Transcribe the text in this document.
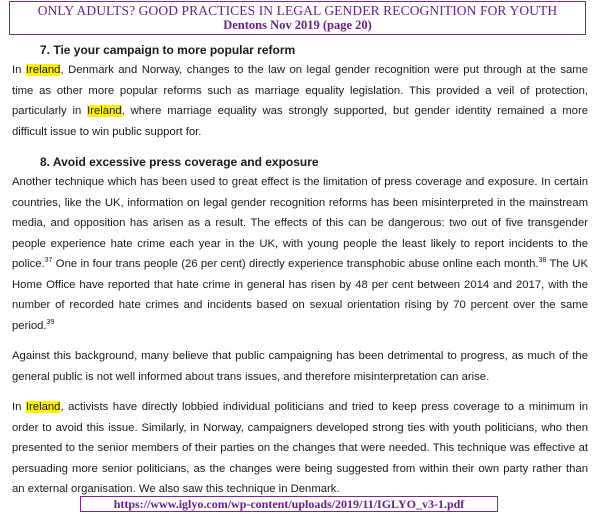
ONLY ADULTS? GOOD PRACTICES IN LEGAL GENDER RECOGNITION FOR YOUTH
Dentons Nov 2019 (page 20)

7. Tie your campaign to more popular reform

In Ireland, Denmark and Norway, changes to the law on legal gender recognition were put through at the same time as other more popular reforms such as marriage equality legislation. This provided a veil of protection, particularly in Ireland, where marriage equality was strongly supported, but gender identity remained a more difficult issue to win public support for.

8. Avoid excessive press coverage and exposure

Another technique which has been used to great effect is the limitation of press coverage and exposure. In certain countries, like the UK, information on legal gender recognition reforms has been misinterpreted in the mainstream media, and opposition has arisen as a result. The effects of this can be dangerous: two out of five transgender people experience hate crime each year in the UK, with young people the least likely to report incidents to the police.$^{37}$ One in four trans people (26 per cent) directly experience transphobic abuse online each month.$^{38}$ The UK Home Office have reported that hate crime in general has risen by 48 per cent between 2014 and 2017, with the number of recorded hate crimes and incidents based on sexual orientation rising by 70 percent over the same period.$^{39}$

Against this background, many believe that public campaigning has been detrimental to progress, as much of the general public is not well informed about trans issues, and therefore misinterpretation can arise.

In Ireland, activists have directly lobbied individual politicians and tried to keep press coverage to a minimum in order to avoid this issue. Similarly, in Norway, campaigners developed strong ties with youth politicians, who then presented to the senior members of their parties on the changes that were needed. This technique was effective at persuading more senior politicians, as the changes were being suggested from within their own party rather than an external organisation. We also saw this technique in Denmark.

https://www.iglyo.com/wp-content/uploads/2019/11/IGLYO_v3-1.pdf
